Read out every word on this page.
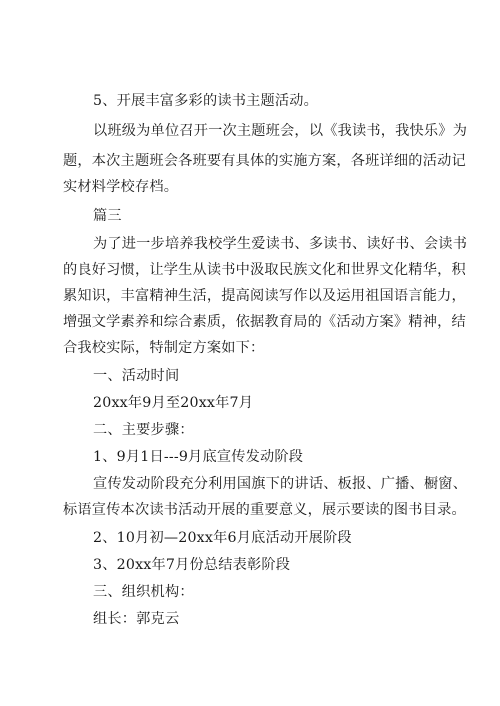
5、开展丰富多彩的读书主题活动。
以班级为单位召开一次主题班会，以《我读书，我快乐》为
题，本次主题班会各班要有具体的实施方案，各班详细的活动记
实材料学校存档。
篇三
为了进一步培养我校学生爱读书、多读书、读好书、会读书
的良好习惯，让学生从读书中汲取民族文化和世界文化精华，积
累知识，丰富精神生活，提高阅读写作以及运用祖国语言能力，
增强文学素养和综合素质，依据教育局的《活动方案》精神，结
合我校实际，特制定方案如下：
一、活动时间
20xx年9月至20xx年7月
二、主要步骤：
1、9月1日---9月底宣传发动阶段
宣传发动阶段充分利用国旗下的讲话、板报、广播、橱窗、
标语宣传本次读书活动开展的重要意义，展示要读的图书目录。
2、10月初—20xx年6月底活动开展阶段
3、20xx年7月份总结表彰阶段
三、组织机构：
组长：郭克云
